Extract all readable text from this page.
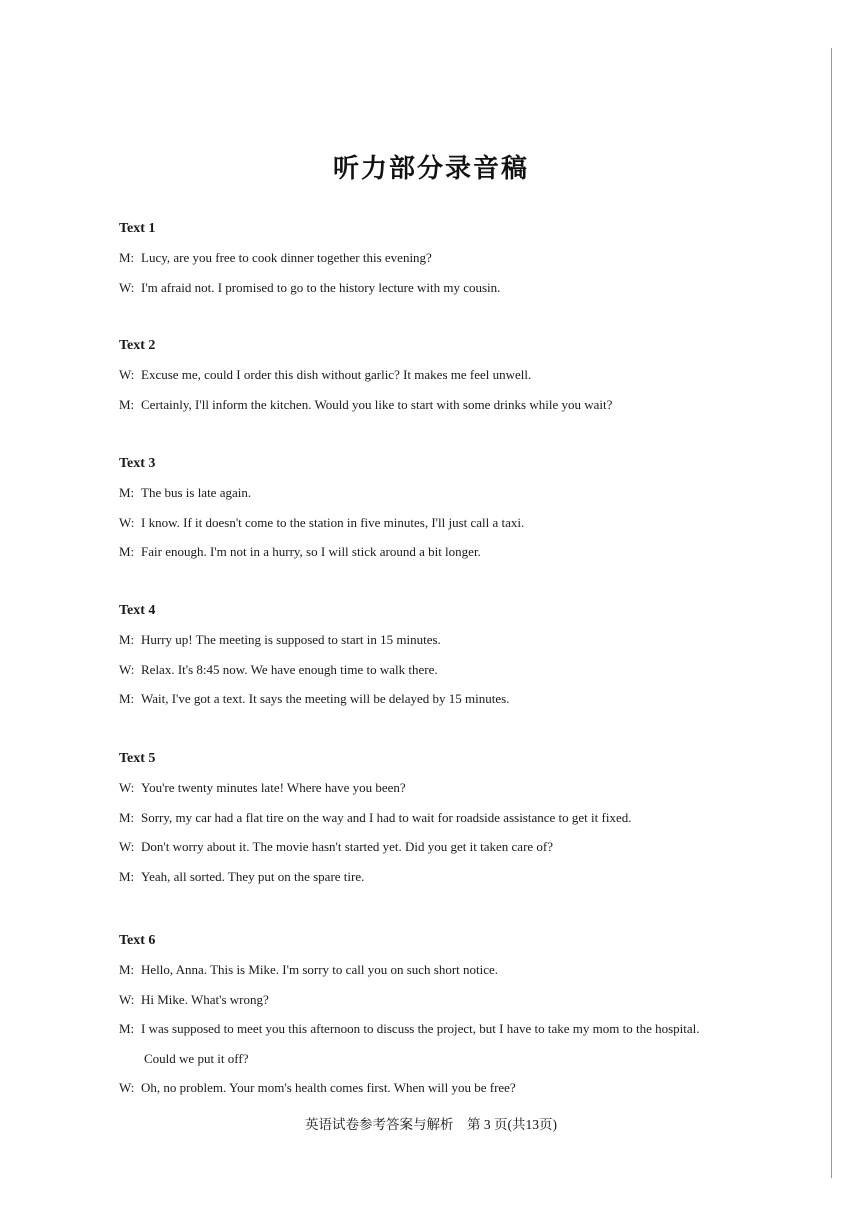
听力部分录音稿
Text 1
M: Lucy, are you free to cook dinner together this evening?
W: I'm afraid not. I promised to go to the history lecture with my cousin.
Text 2
W: Excuse me, could I order this dish without garlic? It makes me feel unwell.
M: Certainly, I'll inform the kitchen. Would you like to start with some drinks while you wait?
Text 3
M: The bus is late again.
W: I know. If it doesn't come to the station in five minutes, I'll just call a taxi.
M: Fair enough. I'm not in a hurry, so I will stick around a bit longer.
Text 4
M: Hurry up! The meeting is supposed to start in 15 minutes.
W: Relax. It's 8:45 now. We have enough time to walk there.
M: Wait, I've got a text. It says the meeting will be delayed by 15 minutes.
Text 5
W: You're twenty minutes late! Where have you been?
M: Sorry, my car had a flat tire on the way and I had to wait for roadside assistance to get it fixed.
W: Don't worry about it. The movie hasn't started yet. Did you get it taken care of?
M: Yeah, all sorted. They put on the spare tire.
Text 6
M: Hello, Anna. This is Mike. I'm sorry to call you on such short notice.
W: Hi Mike. What's wrong?
M: I was supposed to meet you this afternoon to discuss the project, but I have to take my mom to the hospital.
Could we put it off?
W: Oh, no problem. Your mom's health comes first. When will you be free?
英语试卷参考答案与解析　第 3 页(共13页)
